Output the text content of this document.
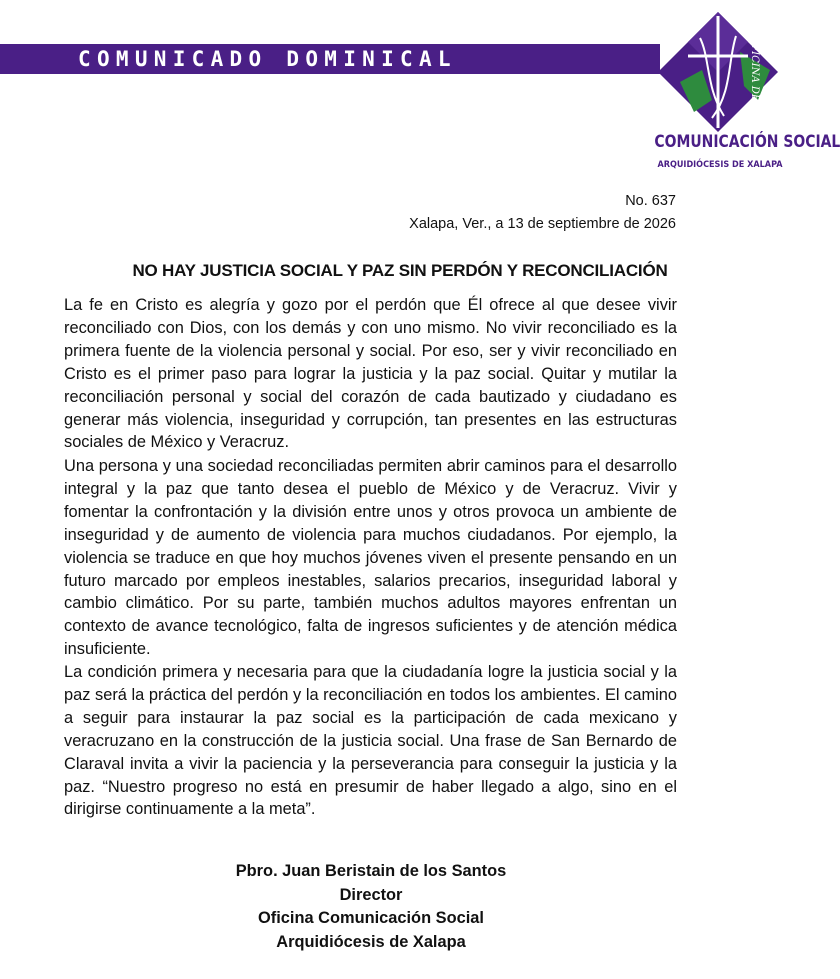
COMUNICADO DOMINICAL	OFICINA DE
COMUNICACIÓN SOCIAL
ARQUIDIÓCESIS DE XALAPA
No. 637
Xalapa, Ver., a 13 de septiembre de 2026
NO HAY JUSTICIA SOCIAL Y PAZ SIN PERDÓN Y RECONCILIACIÓN

La fe en Cristo es alegría y gozo por el perdón que Él ofrece al que desee vivir reconciliado con Dios, con los demás y con uno mismo. No vivir reconciliado es la primera fuente de la violencia personal y social. Por eso, ser y vivir reconciliado en Cristo es el primer paso para lograr la justicia y la paz social. Quitar y mutilar la reconciliación personal y social del corazón de cada bautizado y ciudadano es generar más violencia, inseguridad y corrupción, tan presentes en las estructuras sociales de México y Veracruz.

Una persona y una sociedad reconciliadas permiten abrir caminos para el desarrollo integral y la paz que tanto desea el pueblo de México y de Veracruz. Vivir y fomentar la confrontación y la división entre unos y otros provoca un ambiente de inseguridad y de aumento de violencia para muchos ciudadanos. Por ejemplo, la violencia se traduce en que hoy muchos jóvenes viven el presente pensando en un futuro marcado por empleos inestables, salarios precarios, inseguridad laboral y cambio climático. Por su parte, también muchos adultos mayores enfrentan un contexto de avance tecnológico, falta de ingresos suficientes y de atención médica insuficiente.

La condición primera y necesaria para que la ciudadanía logre la justicia social y la paz será la práctica del perdón y la reconciliación en todos los ambientes. El camino a seguir para instaurar la paz social es la participación de cada mexicano y veracruzano en la construcción de la justicia social. Una frase de San Bernardo de Claraval invita a vivir la paciencia y la perseverancia para conseguir la justicia y la paz. “Nuestro progreso no está en presumir de haber llegado a algo, sino en el dirigirse continuamente a la meta”.

Pbro. Juan Beristain de los Santos
Director
Oficina Comunicación Social
Arquidiócesis de Xalapa
